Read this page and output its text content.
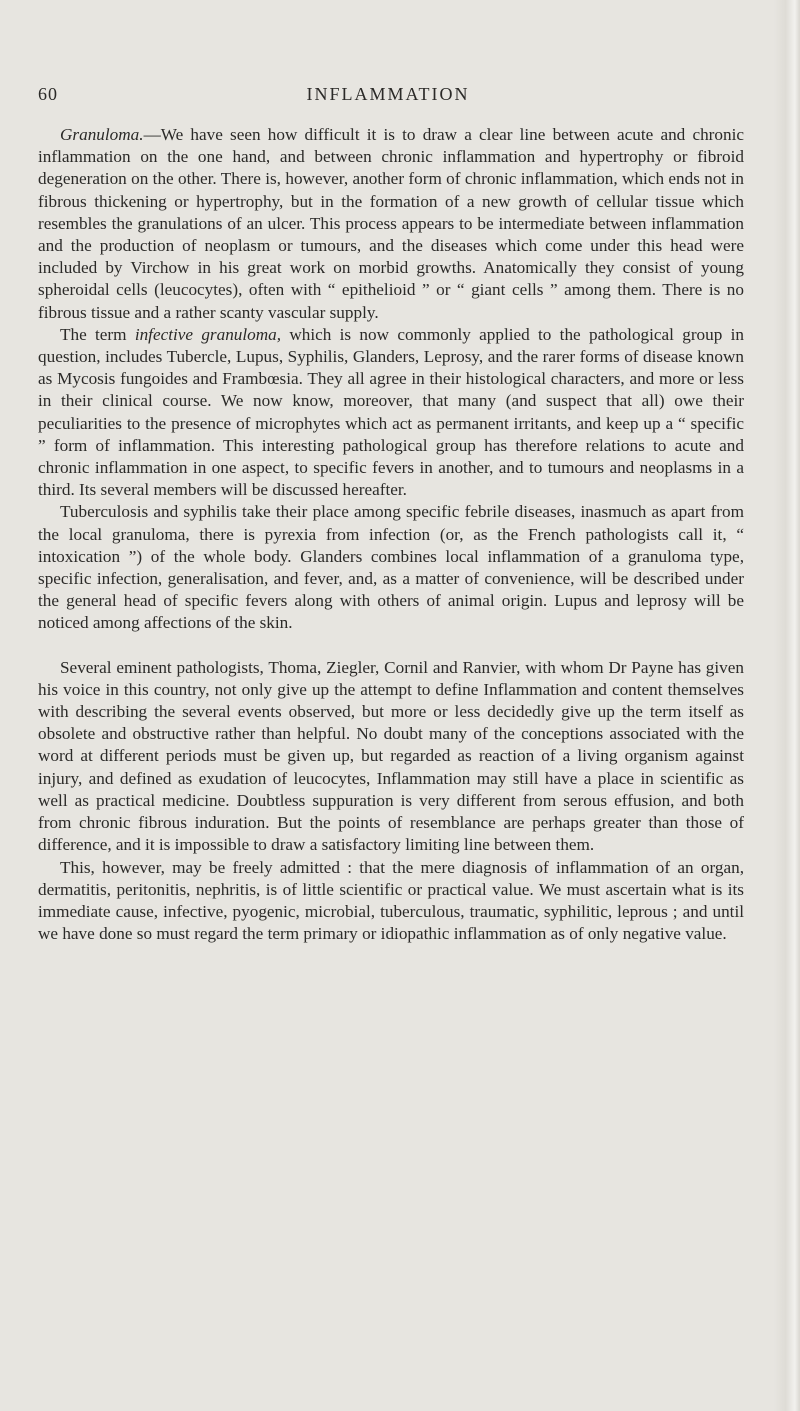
60	INFLAMMATION

Granuloma.—We have seen how difficult it is to draw a clear line between acute and chronic inflammation on the one hand, and between chronic inflammation and hypertrophy or fibroid degeneration on the other. There is, however, another form of chronic inflammation, which ends not in fibrous thickening or hypertrophy, but in the formation of a new growth of cellular tissue which resembles the granulations of an ulcer. This process appears to be intermediate between inflammation and the production of neoplasm or tumours, and the diseases which come under this head were included by Virchow in his great work on morbid growths. Anatomically they consist of young spheroidal cells (leucocytes), often with “ epithelioid ” or “ giant cells ” among them. There is no fibrous tissue and a rather scanty vascular supply.

The term infective granuloma, which is now commonly applied to the pathological group in question, includes Tubercle, Lupus, Syphilis, Glanders, Leprosy, and the rarer forms of disease known as Mycosis fungoides and Frambœsia. They all agree in their histological characters, and more or less in their clinical course. We now know, moreover, that many (and suspect that all) owe their peculiarities to the presence of microphytes which act as permanent irritants, and keep up a “ specific ” form of inflammation. This interesting pathological group has therefore relations to acute and chronic inflammation in one aspect, to specific fevers in another, and to tumours and neoplasms in a third. Its several members will be discussed hereafter.

Tuberculosis and syphilis take their place among specific febrile diseases, inasmuch as apart from the local granuloma, there is pyrexia from infection (or, as the French pathologists call it, “ intoxication ”) of the whole body. Glanders combines local inflammation of a granuloma type, specific infection, generalisation, and fever, and, as a matter of convenience, will be described under the general head of specific fevers along with others of animal origin. Lupus and leprosy will be noticed among affections of the skin.

Several eminent pathologists, Thoma, Ziegler, Cornil and Ranvier, with whom Dr Payne has given his voice in this country, not only give up the attempt to define Inflammation and content themselves with describing the several events observed, but more or less decidedly give up the term itself as obsolete and obstructive rather than helpful. No doubt many of the conceptions associated with the word at different periods must be given up, but regarded as reaction of a living organism against injury, and defined as exudation of leucocytes, Inflammation may still have a place in scientific as well as practical medicine. Doubtless suppuration is very different from serous effusion, and both from chronic fibrous induration. But the points of resemblance are perhaps greater than those of difference, and it is impossible to draw a satisfactory limiting line between them.

This, however, may be freely admitted : that the mere diagnosis of inflammation of an organ, dermatitis, peritonitis, nephritis, is of little scientific or practical value. We must ascertain what is its immediate cause, infective, pyogenic, microbial, tuberculous, traumatic, syphilitic, leprous ; and until we have done so must regard the term primary or idiopathic inflammation as of only negative value.
